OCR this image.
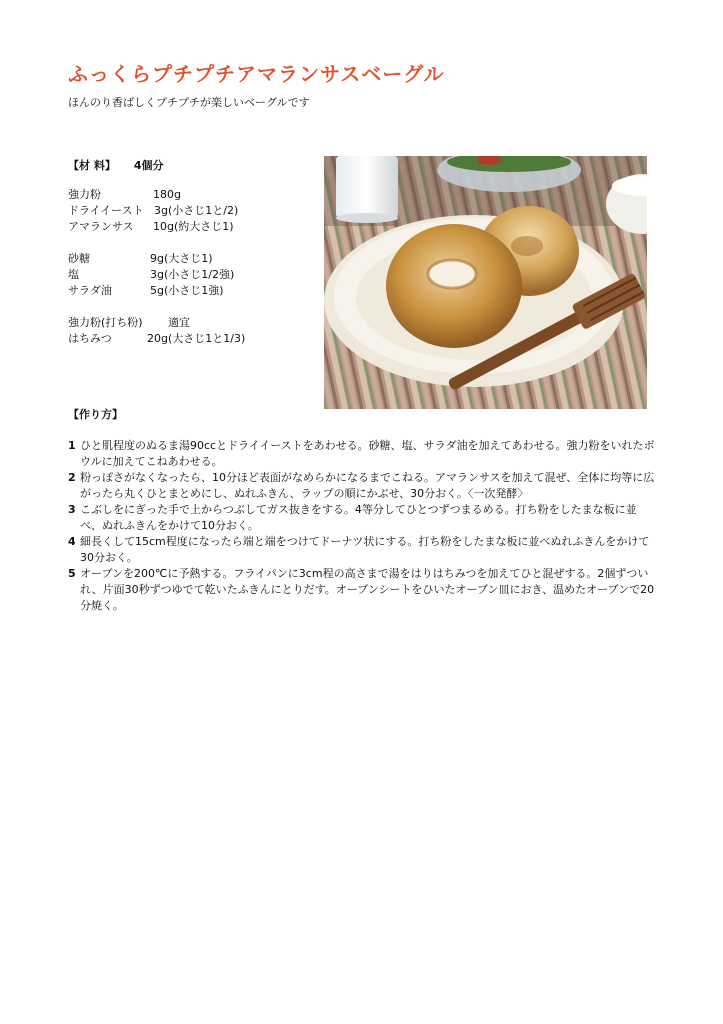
ふっくらプチプチアマランサスベーグル
ほんのり香ばしくプチプチが楽しいベーグルです
【材 料】 4個分
強力粉	180g
ドライイースト 3g(小さじ1と/2)
アマランサス 10g(約大さじ1)
砂糖	9g(大さじ1)
塩	3g(小さじ1/2強)
サラダ油	5g(小さじ1強)
強力粉(打ち粉) 適宜
はちみつ	20g(大さじ1と1/3)
【作り方】
1 ひと肌程度のぬるま湯90ccとドライイーストをあわせる。砂糖、塩、サラダ油を加えてあわせる。強力粉をいれたボウルに加えてこねあわせる。
2 粉っぽさがなくなったら、10分ほど表面がなめらかになるまでこねる。アマランサスを加えて混ぜ、全体に均等に広がったら丸くひとまとめにし、ぬれふきん、ラップの順にかぶせ、30分おく。〈一次発酵〉
3 こぶしをにぎった手で上からつぶしてガス抜きをする。4等分してひとつずつまるめる。打ち粉をしたまな板に並べ、ぬれふきんをかけて10分おく。
4 細長くして15cm程度になったら端と端をつけてドーナツ状にする。打ち粉をしたまな板に並べぬれふきんをかけて30分おく。
5 オーブンを200℃に予熱する。フライパンに3cm程の高さまで湯をはりはちみつを加えてひと混ぜする。2個ずついれ、片面30秒ずつゆでて乾いたふきんにとりだす。オーブンシートをひいたオーブン皿におき、温めたオーブンで20分焼く。
